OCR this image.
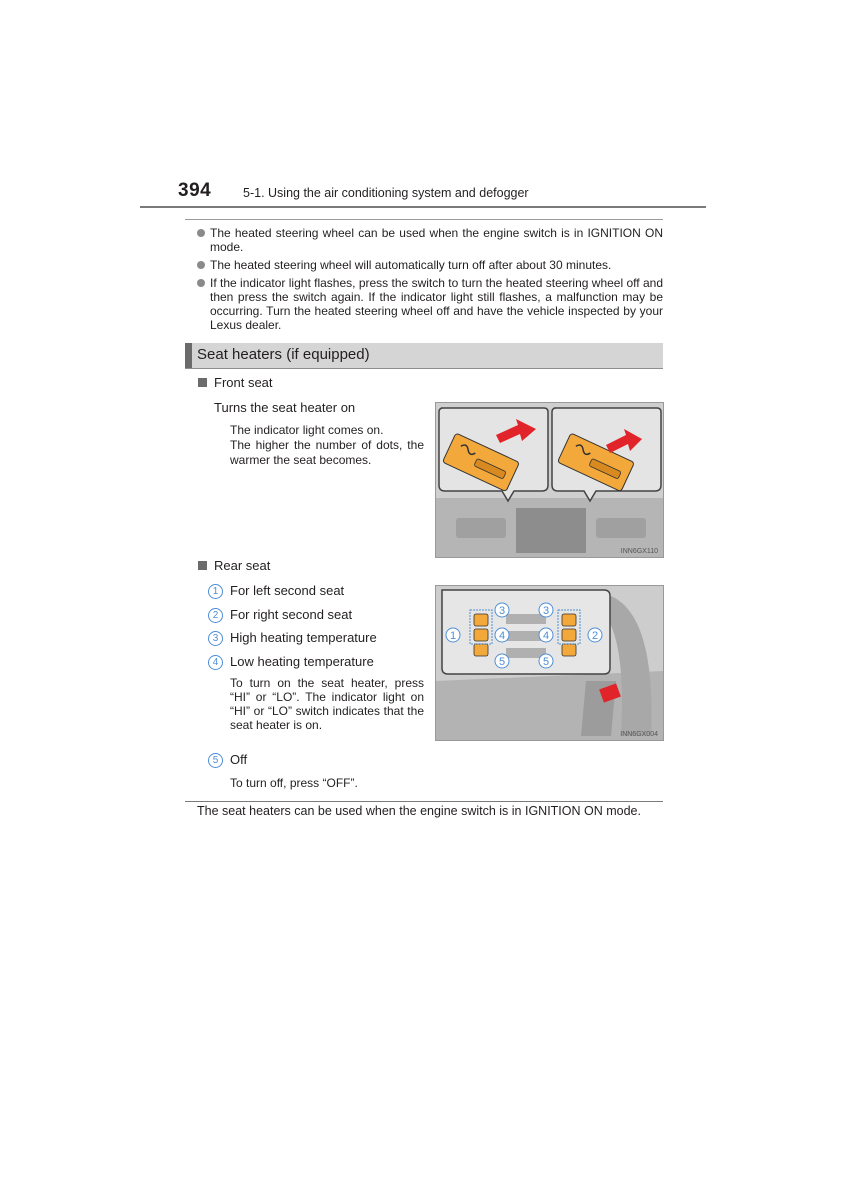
394	5-1. Using the air conditioning system and defogger
The heated steering wheel can be used when the engine switch is in IGNITION ON mode.
The heated steering wheel will automatically turn off after about 30 minutes.
If the indicator light flashes, press the switch to turn the heated steering wheel off and then press the switch again. If the indicator light still flashes, a malfunction may be occurring. Turn the heated steering wheel off and have the vehicle inspected by your Lexus dealer.
Seat heaters (if equipped)
Front seat
Turns the seat heater on
The indicator light comes on.
The higher the number of dots, the warmer the seat becomes.
INN6GX110
Rear seat
1 For left second seat
2 For right second seat
3 High heating temperature
4 Low heating temperature
To turn on the seat heater, press “HI” or “LO”. The indicator light on “HI” or “LO” switch indicates that the seat heater is on.
5 Off
To turn off, press “OFF”.
1	2
3	3
4	4
5	5
INN6GX004
The seat heaters can be used when the engine switch is in IGNITION ON mode.
